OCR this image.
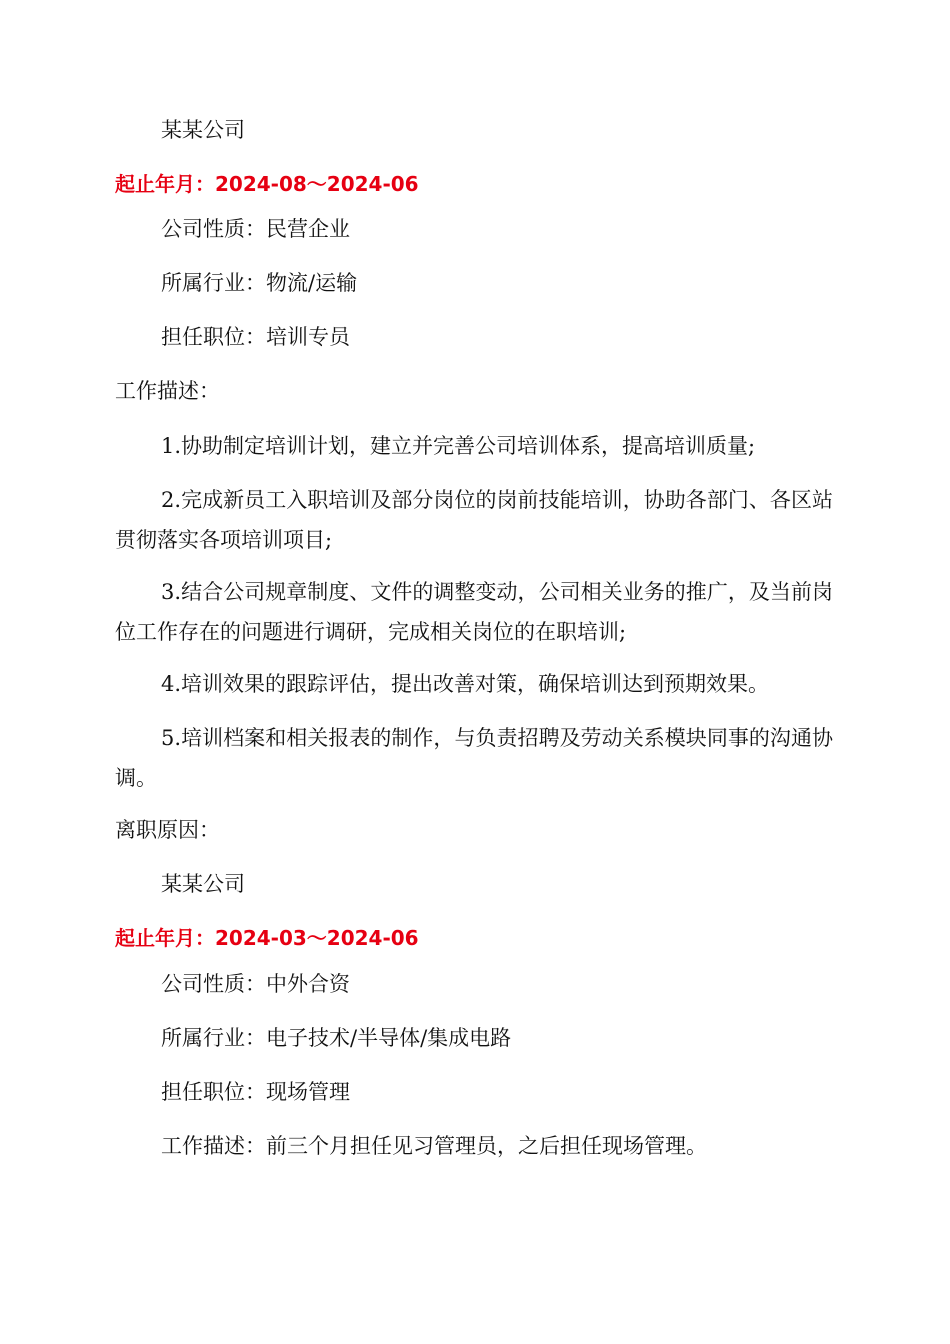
某某公司

起止年月：2024-08～2024-06

公司性质：民营企业

所属行业：物流/运输

担任职位：培训专员

工作描述：

1.协助制定培训计划，建立并完善公司培训体系，提高培训质量;

2.完成新员工入职培训及部分岗位的岗前技能培训，协助各部门、各区站贯彻落实各项培训项目;

3.结合公司规章制度、文件的调整变动，公司相关业务的推广，及当前岗位工作存在的问题进行调研，完成相关岗位的在职培训;

4.培训效果的跟踪评估，提出改善对策，确保培训达到预期效果。

5.培训档案和相关报表的制作，与负责招聘及劳动关系模块同事的沟通协调。

离职原因：

某某公司

起止年月：2024-03～2024-06

公司性质：中外合资

所属行业：电子技术/半导体/集成电路

担任职位：现场管理

工作描述：前三个月担任见习管理员，之后担任现场管理。
